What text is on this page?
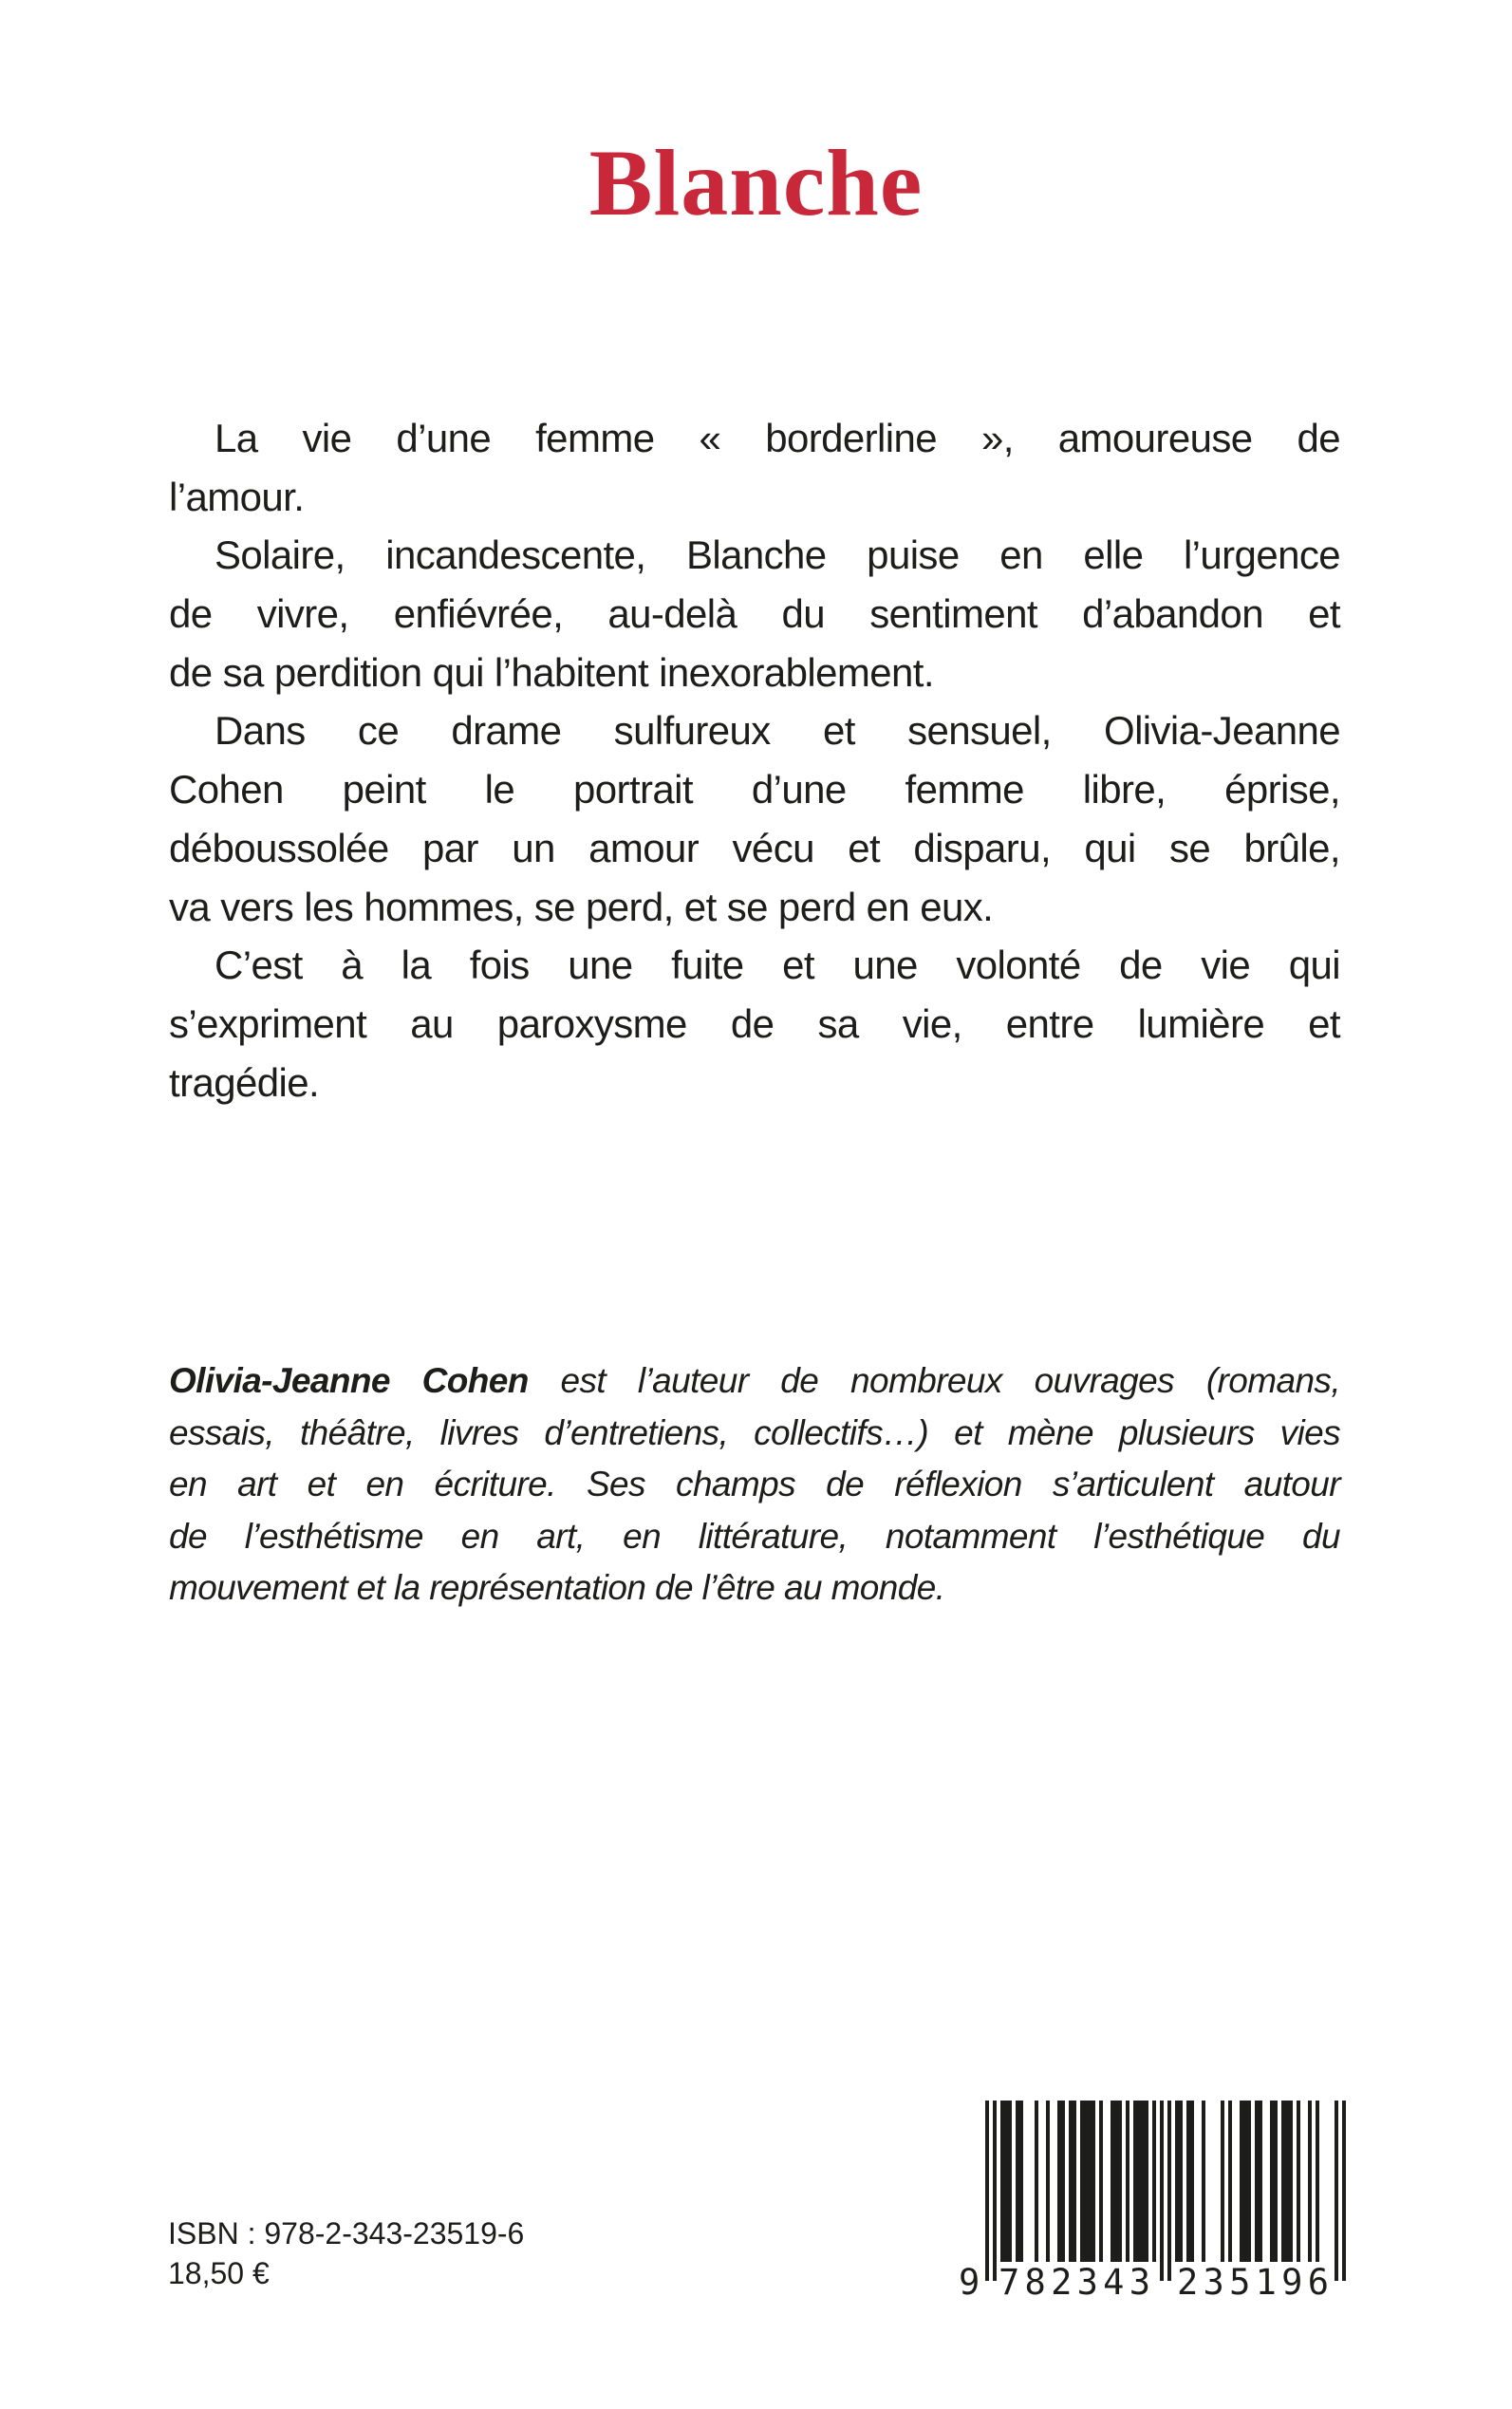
Blanche
La vie d’une femme « borderline », amoureuse de
l’amour.
Solaire, incandescente, Blanche puise en elle l’urgence
de vivre, enfiévrée, au-delà du sentiment d’abandon et
de sa perdition qui l’habitent inexorablement.
Dans ce drame sulfureux et sensuel, Olivia-Jeanne
Cohen peint le portrait d’une femme libre, éprise,
déboussolée par un amour vécu et disparu, qui se brûle,
va vers les hommes, se perd, et se perd en eux.
C’est à la fois une fuite et une volonté de vie qui
s’expriment au paroxysme de sa vie, entre lumière et
tragédie.
Olivia-Jeanne Cohen est l’auteur de nombreux ouvrages (romans,
essais, théâtre, livres d’entretiens, collectifs…) et mène plusieurs vies
en art et en écriture. Ses champs de réflexion s’articulent autour
de l’esthétisme en art, en littérature, notamment l’esthétique du
mouvement et la représentation de l’être au monde.
ISBN : 978-2-343-23519-6
18,50 €	9 782343 235196
